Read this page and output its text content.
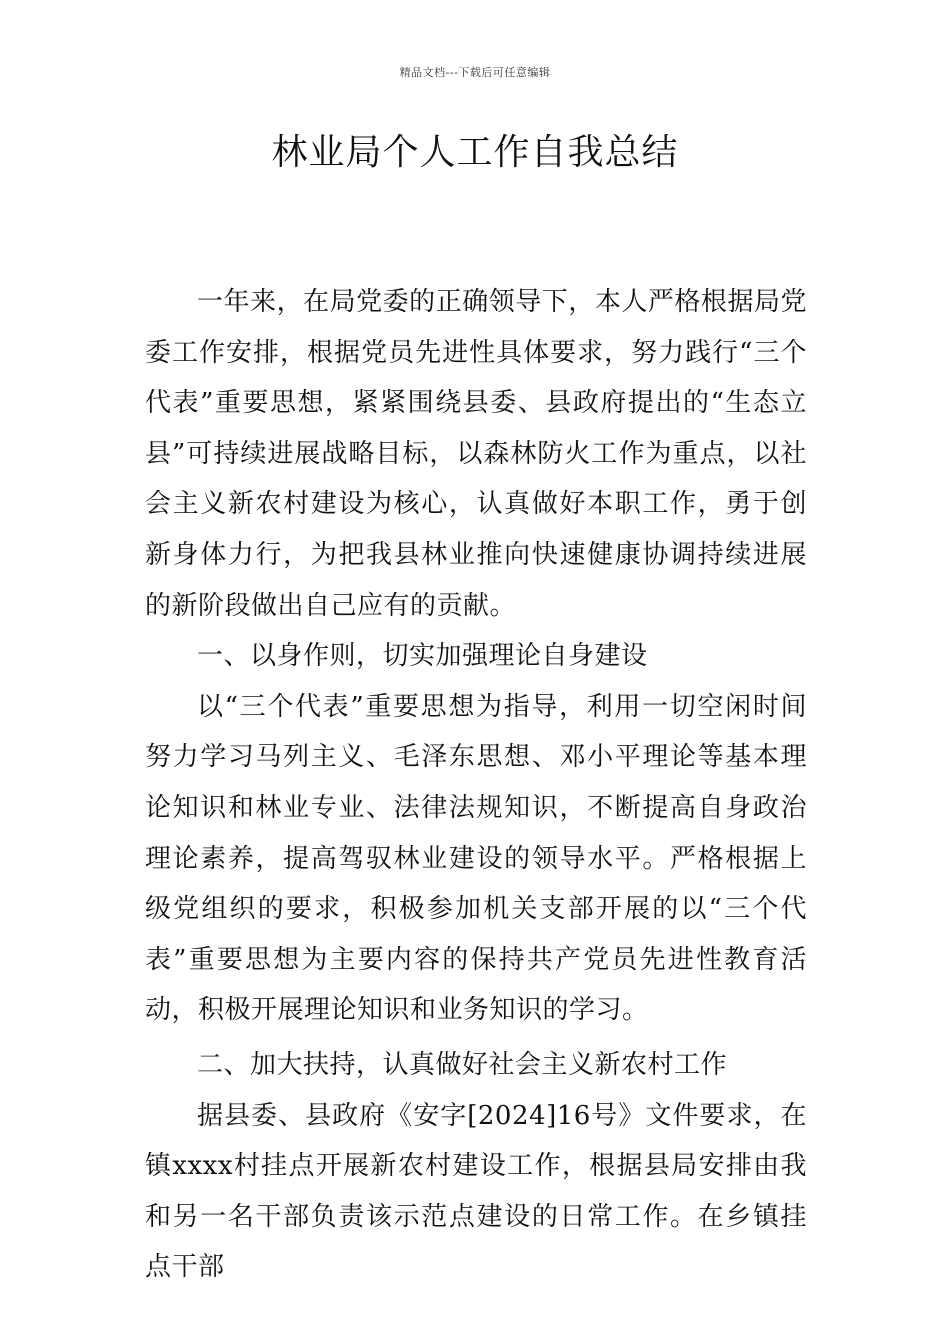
精品文档---下载后可任意编辑
林业局个人工作自我总结

一年来，在局党委的正确领导下，本人严格根据局党委工作安排，根据党员先进性具体要求，努力践行“三个代表”重要思想，紧紧围绕县委、县政府提出的“生态立县”可持续进展战略目标，以森林防火工作为重点，以社会主义新农村建设为核心，认真做好本职工作，勇于创新身体力行，为把我县林业推向快速健康协调持续进展的新阶段做出自己应有的贡献。

一、以身作则，切实加强理论自身建设

以“三个代表”重要思想为指导，利用一切空闲时间努力学习马列主义、毛泽东思想、邓小平理论等基本理论知识和林业专业、法律法规知识，不断提高自身政治理论素养，提高驾驭林业建设的领导水平。严格根据上级党组织的要求，积极参加机关支部开展的以“三个代表”重要思想为主要内容的保持共产党员先进性教育活动，积极开展理论知识和业务知识的学习。

二、加大扶持，认真做好社会主义新农村工作

据县委、县政府《安字[2024]16号》文件要求，在镇xxxx村挂点开展新农村建设工作，根据县局安排由我和另一名干部负责该示范点建设的日常工作。在乡镇挂点干部
